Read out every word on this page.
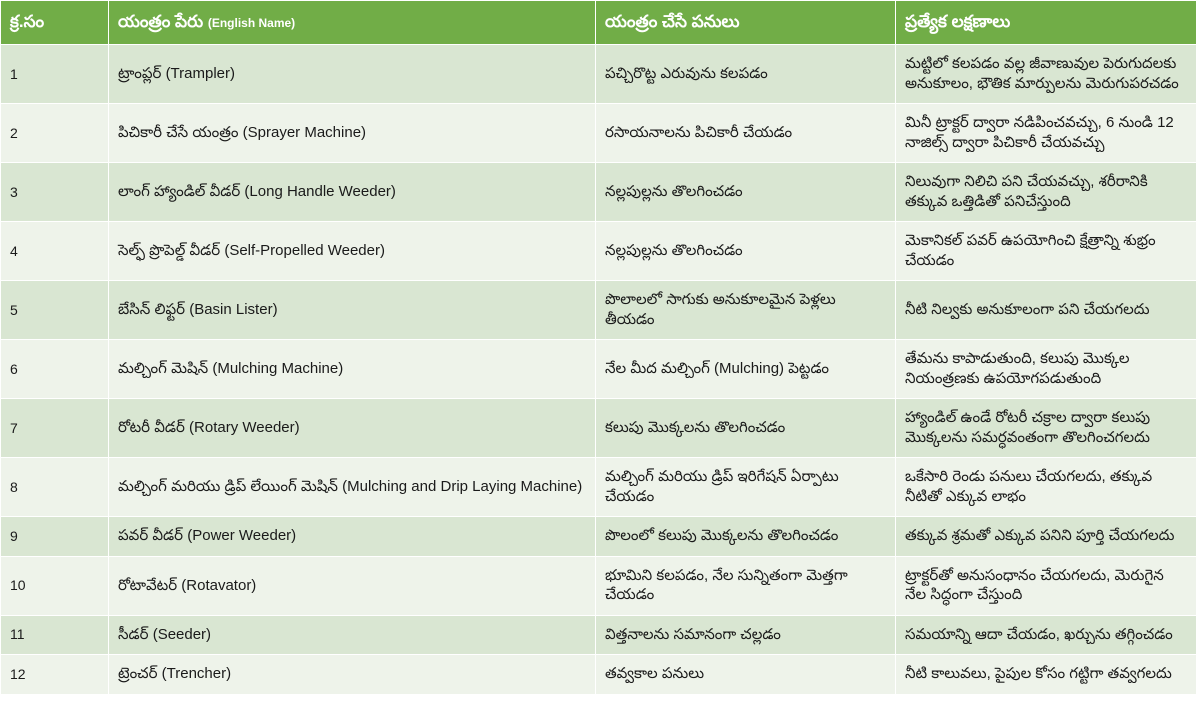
క్ర.సం	యంత్రం పేరు (English Name)	యంత్రం చేసే పనులు	ప్రత్యేక లక్షణాలు
1	ట్రాంప్లర్ (Trampler)	పచ్చిరొట్ట ఎరువును కలపడం	మట్టిలో కలపడం వల్ల జీవాణువుల పెరుగుదలకు అనుకూలం, భౌతిక మార్పులను మెరుగుపరచడం
2	పిచికారీ చేసే యంత్రం (Sprayer Machine)	రసాయనాలను పిచికారీ చేయడం	మినీ ట్రాక్టర్ ద్వారా నడిపించవచ్చు, 6 నుండి 12 నాజిల్స్ ద్వారా పిచికారీ చేయవచ్చు
3	లాంగ్ హ్యాండిల్ వీడర్ (Long Handle Weeder)	నల్లపుల్లను తొలగించడం	నిలువుగా నిలిచి పని చేయవచ్చు, శరీరానికి తక్కువ ఒత్తిడితో పనిచేస్తుంది
4	సెల్ఫ్ ప్రొపెల్డ్ వీడర్ (Self-Propelled Weeder)	నల్లపుల్లను తొలగించడం	మెకానికల్ పవర్ ఉపయోగించి క్షేత్రాన్ని శుభ్రం చేయడం
5	బేసిన్ లిఫ్టర్ (Basin Lister)	పొలాలలో సాగుకు అనుకూలమైన పెళ్లలు తీయడం	నీటి నిల్వకు అనుకూలంగా పని చేయగలదు
6	మల్చింగ్ మెషిన్ (Mulching Machine)	నేల మీద మల్చింగ్ (Mulching) పెట్టడం	తేమను కాపాడుతుంది, కలుపు మొక్కల నియంత్రణకు ఉపయోగపడుతుంది
7	రోటరీ వీడర్ (Rotary Weeder)	కలుపు మొక్కలను తొలగించడం	హ్యాండిల్ ఉండే రోటరీ చక్రాల ద్వారా కలుపు మొక్కలను సమర్ధవంతంగా తొలగించగలదు
8	మల్చింగ్ మరియు డ్రిప్ లేయింగ్ మెషిన్ (Mulching and Drip Laying Machine)	మల్చింగ్ మరియు డ్రిప్ ఇరిగేషన్ ఏర్పాటు చేయడం	ఒకేసారి రెండు పనులు చేయగలదు, తక్కువ నీటితో ఎక్కువ లాభం
9	పవర్ వీడర్ (Power Weeder)	పొలంలో కలుపు మొక్కలను తొలగించడం	తక్కువ శ్రమతో ఎక్కువ పనిని పూర్తి చేయగలదు
10	రోటావేటర్ (Rotavator)	భూమిని కలపడం, నేల సున్నితంగా మెత్తగా చేయడం	ట్రాక్టర్‌తో అనుసంధానం చేయగలదు, మెరుగైన నేల సిద్ధంగా చేస్తుంది
11	సీడర్ (Seeder)	విత్తనాలను సమానంగా చల్లడం	సమయాన్ని ఆదా చేయడం, ఖర్చును తగ్గించడం
12	ట్రెంచర్ (Trencher)	తవ్వకాల పనులు	నీటి కాలువలు, పైపుల కోసం గట్టిగా తవ్వగలదు
